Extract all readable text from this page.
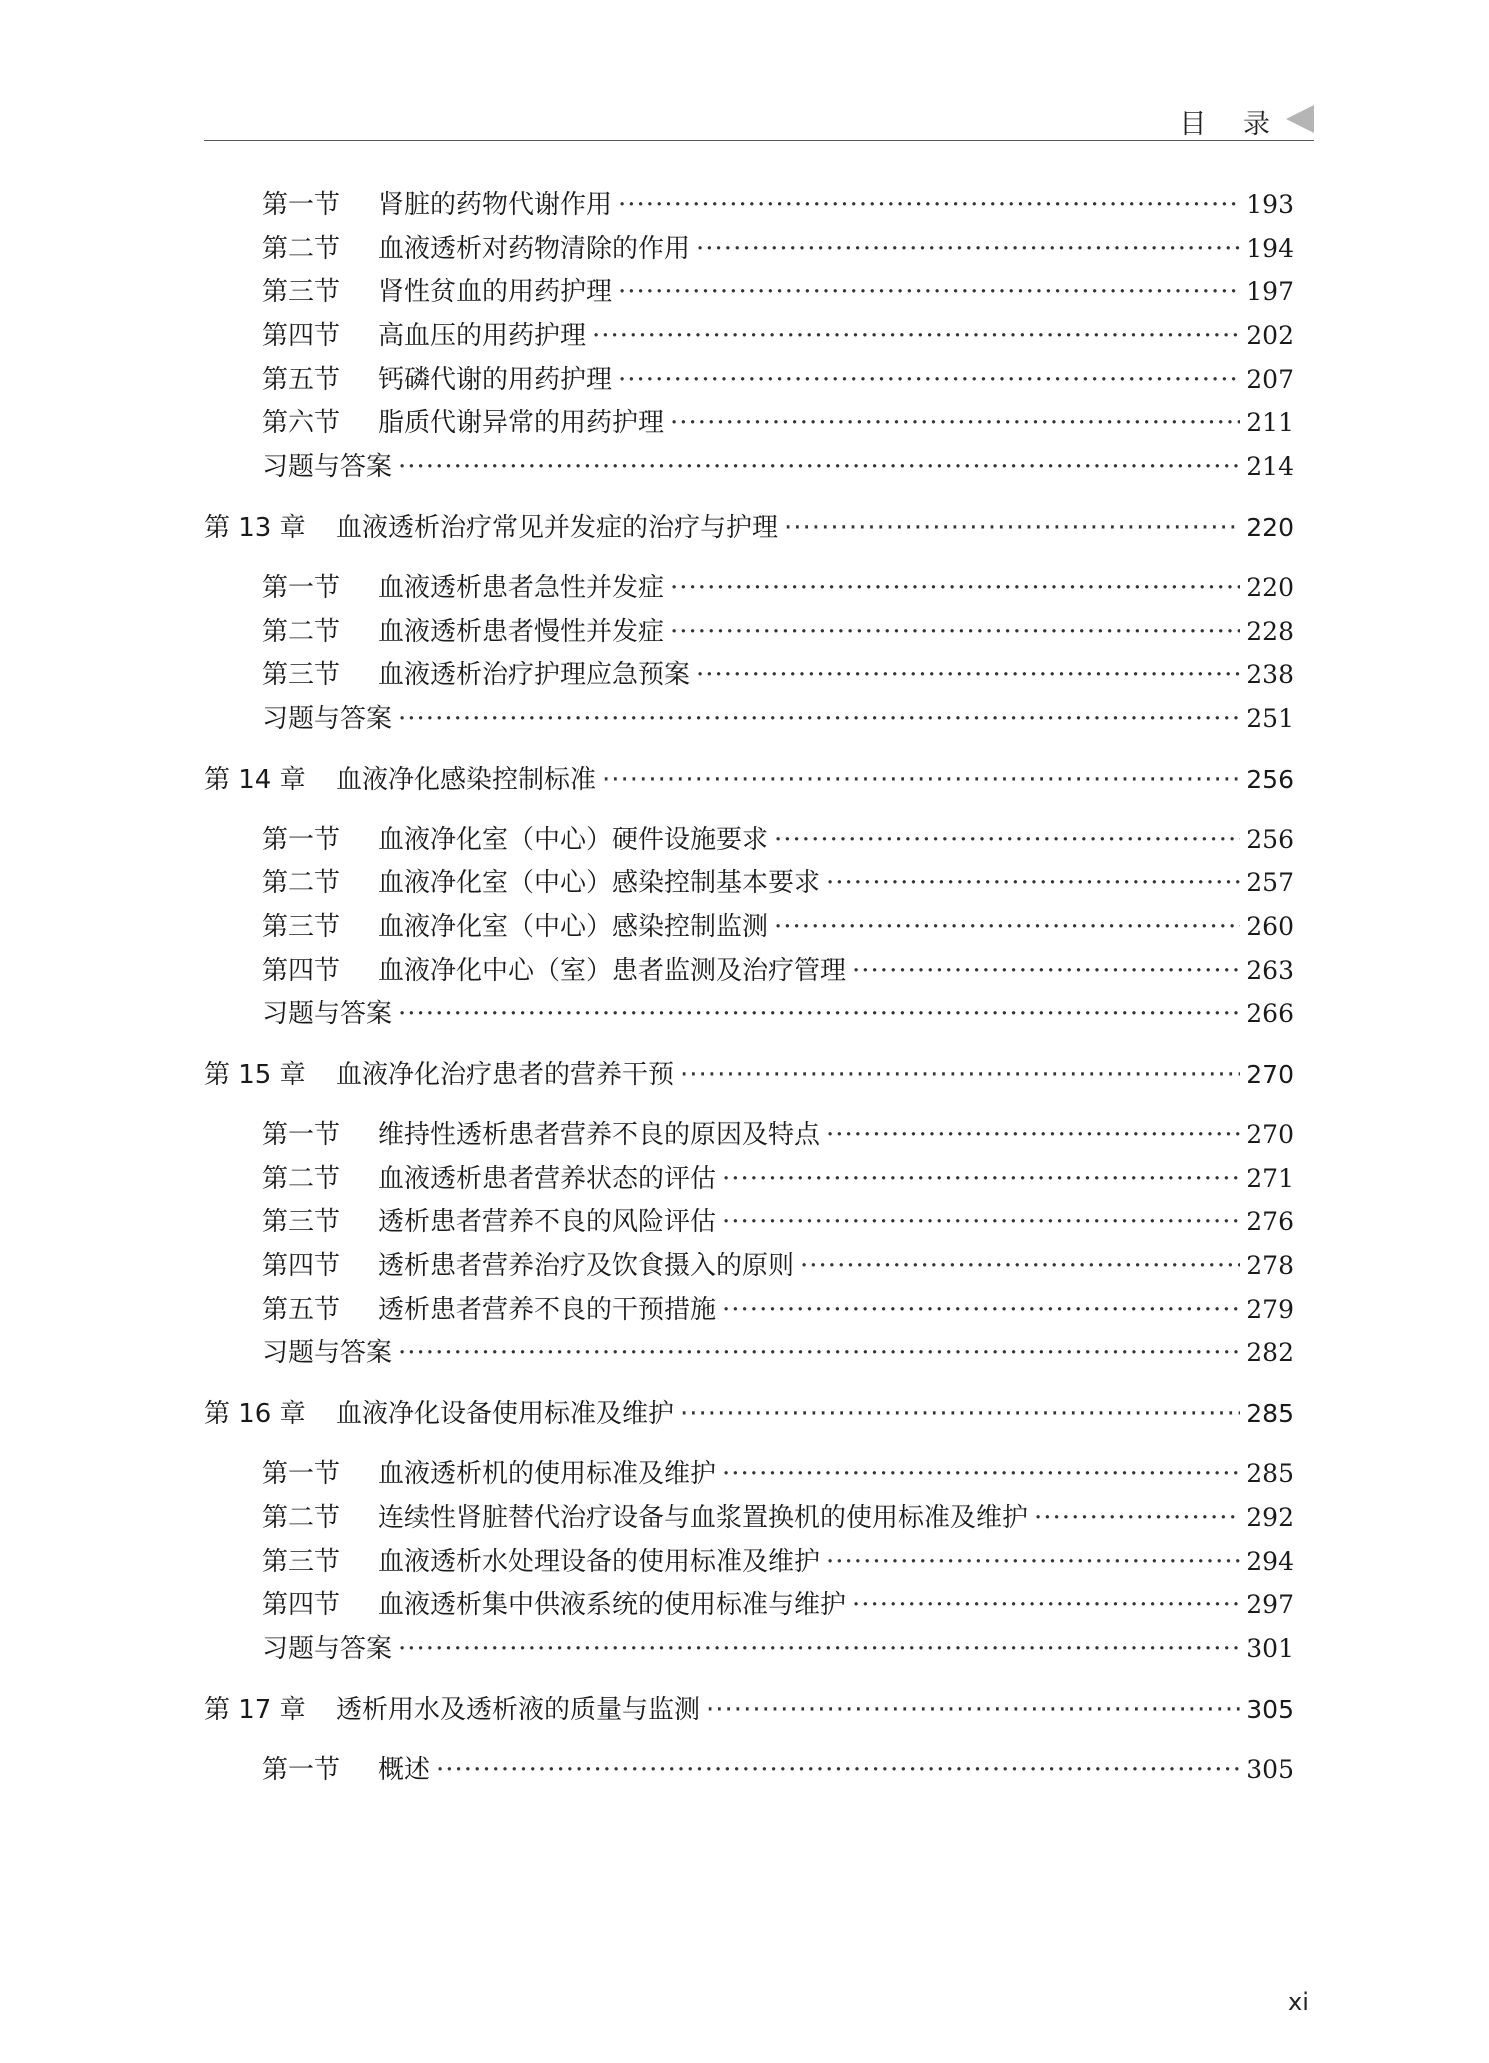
目 录
第一节	肾脏的药物代谢作用 ·····	193
第二节	血液透析对药物清除的作用 ·····	194
第三节	肾性贫血的用药护理 ·····	197
第四节	高血压的用药护理 ·····	202
第五节	钙磷代谢的用药护理 ·····	207
第六节	脂质代谢异常的用药护理 ·····	211
习题与答案 ·····	214
第 13 章	血液透析治疗常见并发症的治疗与护理 ·····	220
第一节	血液透析患者急性并发症 ·····	220
第二节	血液透析患者慢性并发症 ·····	228
第三节	血液透析治疗护理应急预案 ·····	238
习题与答案 ·····	251
第 14 章	血液净化感染控制标准 ·····	256
第一节	血液净化室（中心）硬件设施要求 ·····	256
第二节	血液净化室（中心）感染控制基本要求 ·····	257
第三节	血液净化室（中心）感染控制监测 ·····	260
第四节	血液净化中心（室）患者监测及治疗管理 ·····	263
习题与答案 ·····	266
第 15 章	血液净化治疗患者的营养干预 ·····	270
第一节	维持性透析患者营养不良的原因及特点 ·····	270
第二节	血液透析患者营养状态的评估 ·····	271
第三节	透析患者营养不良的风险评估 ·····	276
第四节	透析患者营养治疗及饮食摄入的原则 ·····	278
第五节	透析患者营养不良的干预措施 ·····	279
习题与答案 ·····	282
第 16 章	血液净化设备使用标准及维护 ·····	285
第一节	血液透析机的使用标准及维护 ·····	285
第二节	连续性肾脏替代治疗设备与血浆置换机的使用标准及维护 ·····	292
第三节	血液透析水处理设备的使用标准及维护 ·····	294
第四节	血液透析集中供液系统的使用标准与维护 ·····	297
习题与答案 ·····	301
第 17 章	透析用水及透析液的质量与监测 ·····	305
第一节	概述 ·····	305
xi
